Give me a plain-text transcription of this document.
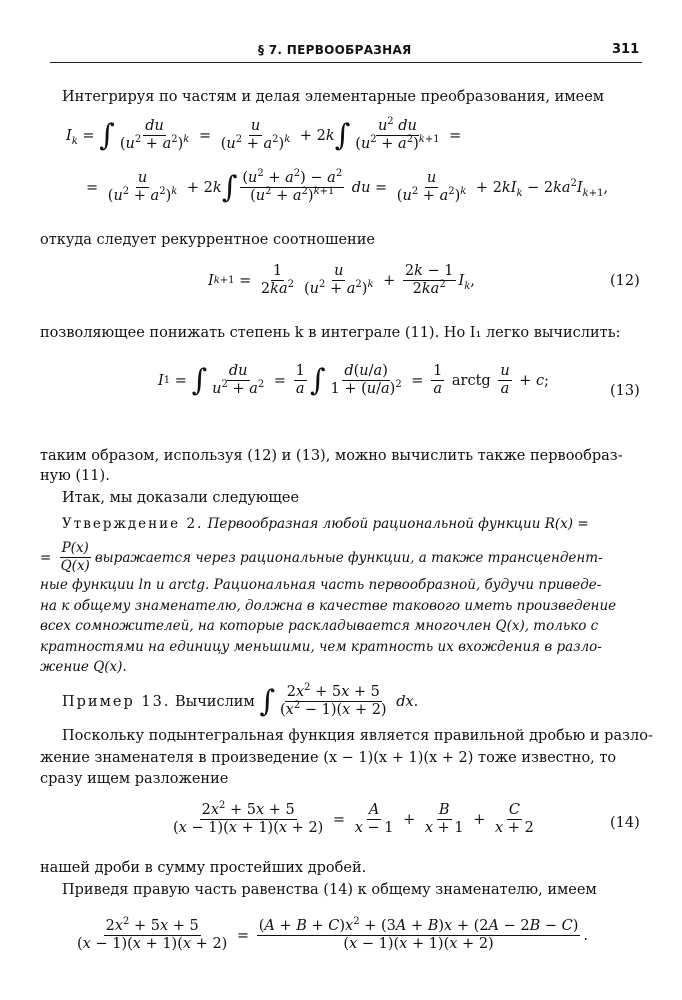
§ 7. ПЕРВООБРАЗНАЯ	311
Интегрируя по частям и делая элементарные преобразования, имеем
$I_k$ = ∫ $\frac{du}{(u^2 + a^2)^k} = \frac{u}{(u^2 + a^2)^k} + 2k$ ∫ $\frac{u^2 du}{(u^2 + a^2)^{k+1}}$ =
= $\frac{u}{(u^2 + a^2)^k} + 2k$ ∫ $\frac{(u^2 + a^2) - a^2}{(u^2 + a^2)^{k+1}}$ du = $\frac{u}{(u^2 + a^2)^k} + 2kI_k - 2ka^2I_{k+1}$,
откуда следует рекуррентное соотношение
I $k+1 = \frac{1}{2ka^2} \frac{u}{(u^2 + a^2)^k} + \frac{2k - 1}{2ka^2} I_k$ ,	(12)
позволяющее понижать степень k в интеграле (11). Но I₁ легко вычислить:
I 1 = ∫ $\frac{du}{u^2 + a^2} = \frac{1}{a}$ ∫ $\frac{d(u/a)}{1 + (u/a)^2} = \frac{1}{a}$ arctg $\frac{u}{a} + c$;
(13)
таким образом, используя (12) и (13), можно вычислить также первообраз-
ную (11).
Итак, мы доказали следующее
Утверждение 2. Первообразная любой рациональной функции R(x) =
= $\frac{P(x)}{Q(x)}$ выражается через рациональные функции, а также трансцендент-
ные функции ln и arctg. Рациональная часть первообразной, будучи приведе-
на к общему знаменателю, должна в качестве такового иметь произведение
всех сомножителей, на которые раскладывается многочлен Q(x), только с
кратностями на единицу меньшими, чем кратность их вхождения в разло-
жение Q(x).
Пример 13.
Вычислим
∫ $\frac{2x^2 + 5x + 5}{(x^2 - 1)(x + 2)}$ dx .
Поскольку подынтегральная функция является правильной дробью и разло-
жение знаменателя в произведение (x − 1)(x + 1)(x + 2) тоже известно, то
сразу ищем разложение
$\frac{2x^2 + 5x + 5}{(x - 1)(x + 1)(x + 2)} = \frac{A}{x - 1} + \frac{B}{x + 1} + \frac{C}{x + 2}$	(14)
нашей дроби в сумму простейших дробей.
Приведя правую часть равенства (14) к общему знаменателю, имеем
$\frac{2x^2 + 5x + 5}{(x - 1)(x + 1)(x + 2)} = \frac{(A + B + C)x^2 + (3A + B)x + (2A - 2B - C)}{(x - 1)(x + 1)(x + 2)}$ .
